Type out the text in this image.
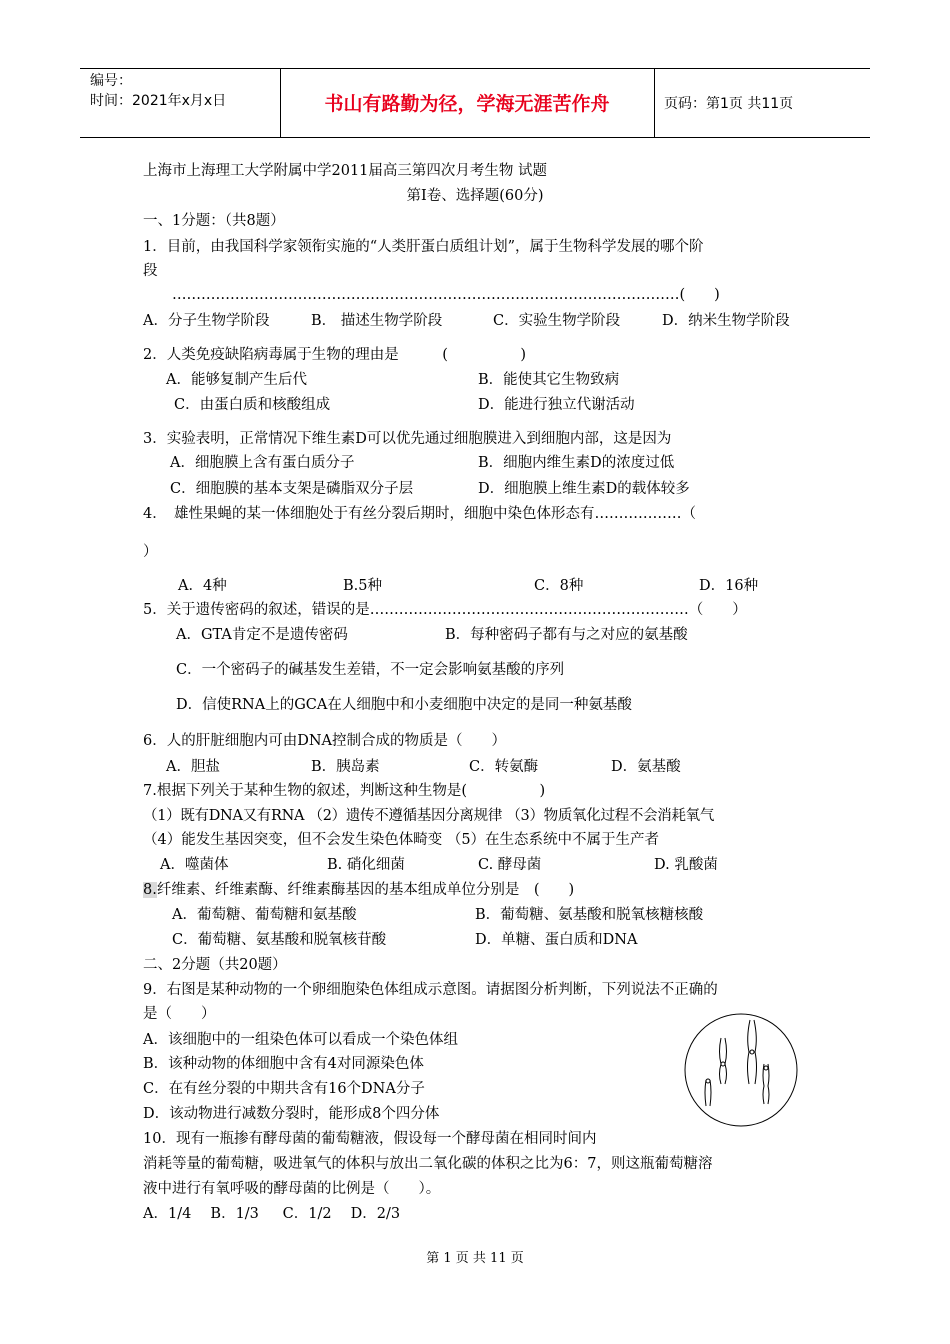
编号：
时间：2021年x月x日	书山有路勤为径，学海无涯苦作舟	页码：第1页 共11页
上海市上海理工大学附属中学2011届高三第四次月考生物 试题
第Ⅰ卷、选择题(60分)
一、1分题：（共8题）
1．目前，由我国科学家领衔实施的“人类肝蛋白质组计划”，属于生物科学发展的哪个阶
段
……………………………………………………………………………………………(　　)
A．分子生物学阶段	B． 描述生物学阶段	C．实验生物学阶段	D．纳米生物学阶段
2．人类免疫缺陷病毒属于生物的理由是　　　(　　　　　)
A．能够复制产生后代	B．能使其它生物致病
C．由蛋白质和核酸组成	D．能进行独立代谢活动
3．实验表明，正常情况下维生素D可以优先通过细胞膜进入到细胞内部，这是因为
A．细胞膜上含有蛋白质分子	B．细胞内维生素D的浓度过低
C．细胞膜的基本支架是磷脂双分子层	D．细胞膜上维生素D的载体较多
4．　雄性果蝇的某一体细胞处于有丝分裂后期时，细胞中染色体形态有………………（
）
A．4种	B.5种	C．8种	D．16种
5．关于遗传密码的叙述，错误的是…………………………………………………………（　　）
A．GTA肯定不是遗传密码	B．每种密码子都有与之对应的氨基酸
C．一个密码子的碱基发生差错，不一定会影响氨基酸的序列
D．信使RNA上的GCA在人细胞中和小麦细胞中决定的是同一种氨基酸
6．人的肝脏细胞内可由DNA控制合成的物质是（　　）
A．胆盐	B．胰岛素	C．转氨酶	D．氨基酸
7.根据下列关于某种生物的叙述，判断这种生物是(　　　　　)
（1）既有DNA又有RNA （2）遗传不遵循基因分离规律 （3）物质氧化过程不会消耗氧气
（4）能发生基因突变，但不会发生染色体畸变 （5）在生态系统中不属于生产者
A．噬菌体	B. 硝化细菌	C. 酵母菌	D. 乳酸菌
8.纤维素、纤维素酶、纤维素酶基因的基本组成单位分别是　(　　)
A．葡萄糖、葡萄糖和氨基酸	B．葡萄糖、氨基酸和脱氧核糖核酸
C．葡萄糖、氨基酸和脱氧核苷酸	D．单糖、蛋白质和DNA
二、2分题（共20题）
9．右图是某种动物的一个卵细胞染色体组成示意图。请据图分析判断，下列说法不正确的
是（　　）
A．该细胞中的一组染色体可以看成一个染色体组
B．该种动物的体细胞中含有4对同源染色体
C．在有丝分裂的中期共含有16个DNA分子
D．该动物进行减数分裂时，能形成8个四分体
10．现有一瓶掺有酵母菌的葡萄糖液，假设每一个酵母菌在相同时间内
消耗等量的葡萄糖，吸进氧气的体积与放出二氧化碳的体积之比为6：7，则这瓶葡萄糖溶
液中进行有氧呼吸的酵母菌的比例是（　　）。
A．1/4　 B．1/3　  C．1/2　 D．2/3
第 1 页 共 11 页
